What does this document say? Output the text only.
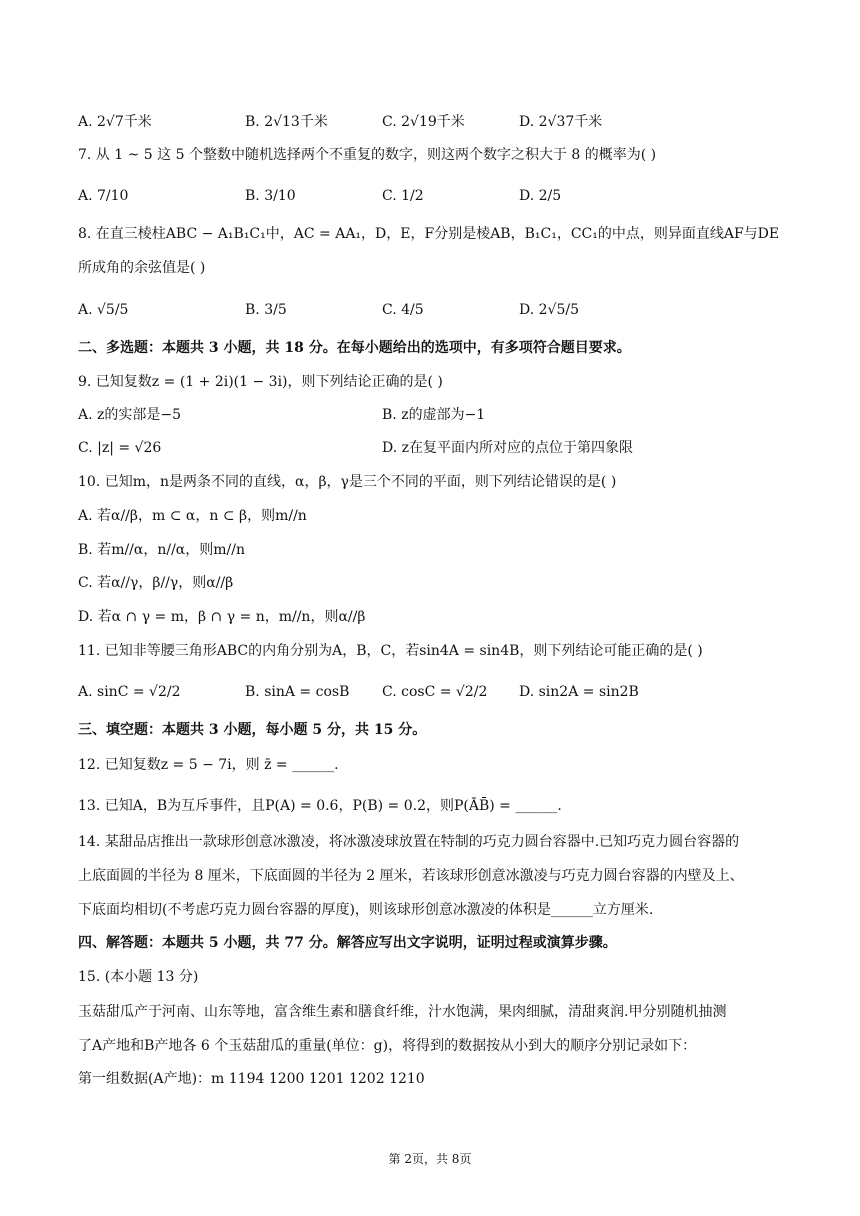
A. 2√7千米	B. 2√13千米	C. 2√19千米	D. 2√37千米
7. 从 1 ~ 5 这 5 个整数中随机选择两个不重复的数字，则这两个数字之积大于 8 的概率为( )
A. 7/10	B. 3/10	C. 1/2	D. 2/5
8. 在直三棱柱ABC − A₁B₁C₁中，AC = AA₁，D，E，F分别是棱AB，B₁C₁，CC₁的中点，则异面直线AF与DE
所成角的余弦值是( )
A. √5/5	B. 3/5	C. 4/5	D. 2√5/5
二、多选题：本题共 3 小题，共 18 分。在每小题给出的选项中，有多项符合题目要求。
9. 已知复数z = (1 + 2i)(1 − 3i)，则下列结论正确的是( )
A. z的实部是−5	B. z的虚部为−1
C. |z| = √26	D. z在复平面内所对应的点位于第四象限
10. 已知m，n是两条不同的直线，α，β，γ是三个不同的平面，则下列结论错误的是( )
A. 若α//β，m ⊂ α，n ⊂ β，则m//n
B. 若m//α，n//α，则m//n
C. 若α//γ，β//γ，则α//β
D. 若α ∩ γ = m，β ∩ γ = n，m//n，则α//β
11. 已知非等腰三角形ABC的内角分别为A，B，C，若sin4A = sin4B，则下列结论可能正确的是( )
A. sinC = √2/2	B. sinA = cosB C. cosC = √2/2 D. sin2A = sin2B
三、填空题：本题共 3 小题，每小题 5 分，共 15 分。
12. 已知复数z = 5 − 7i，则 z̄ = ______.
13. 已知A，B为互斥事件，且P(A) = 0.6，P(B) = 0.2，则P(ĀB̄) = ______.
14. 某甜品店推出一款球形创意冰激凌，将冰激凌球放置在特制的巧克力圆台容器中.已知巧克力圆台容器的
上底面圆的半径为 8 厘米，下底面圆的半径为 2 厘米，若该球形创意冰激凌与巧克力圆台容器的内壁及上、
下底面均相切(不考虑巧克力圆台容器的厚度)，则该球形创意冰激凌的体积是______立方厘米.
四、解答题：本题共 5 小题，共 77 分。解答应写出文字说明，证明过程或演算步骤。
15. (本小题 13 分)
玉菇甜瓜产于河南、山东等地，富含维生素和膳食纤维，汁水饱满，果肉细腻，清甜爽润.甲分别随机抽测
了A产地和B产地各 6 个玉菇甜瓜的重量(单位：g)，将得到的数据按从小到大的顺序分别记录如下：
第一组数据(A产地)：m 1194 1200 1201 1202 1210
第 2页，共 8页
